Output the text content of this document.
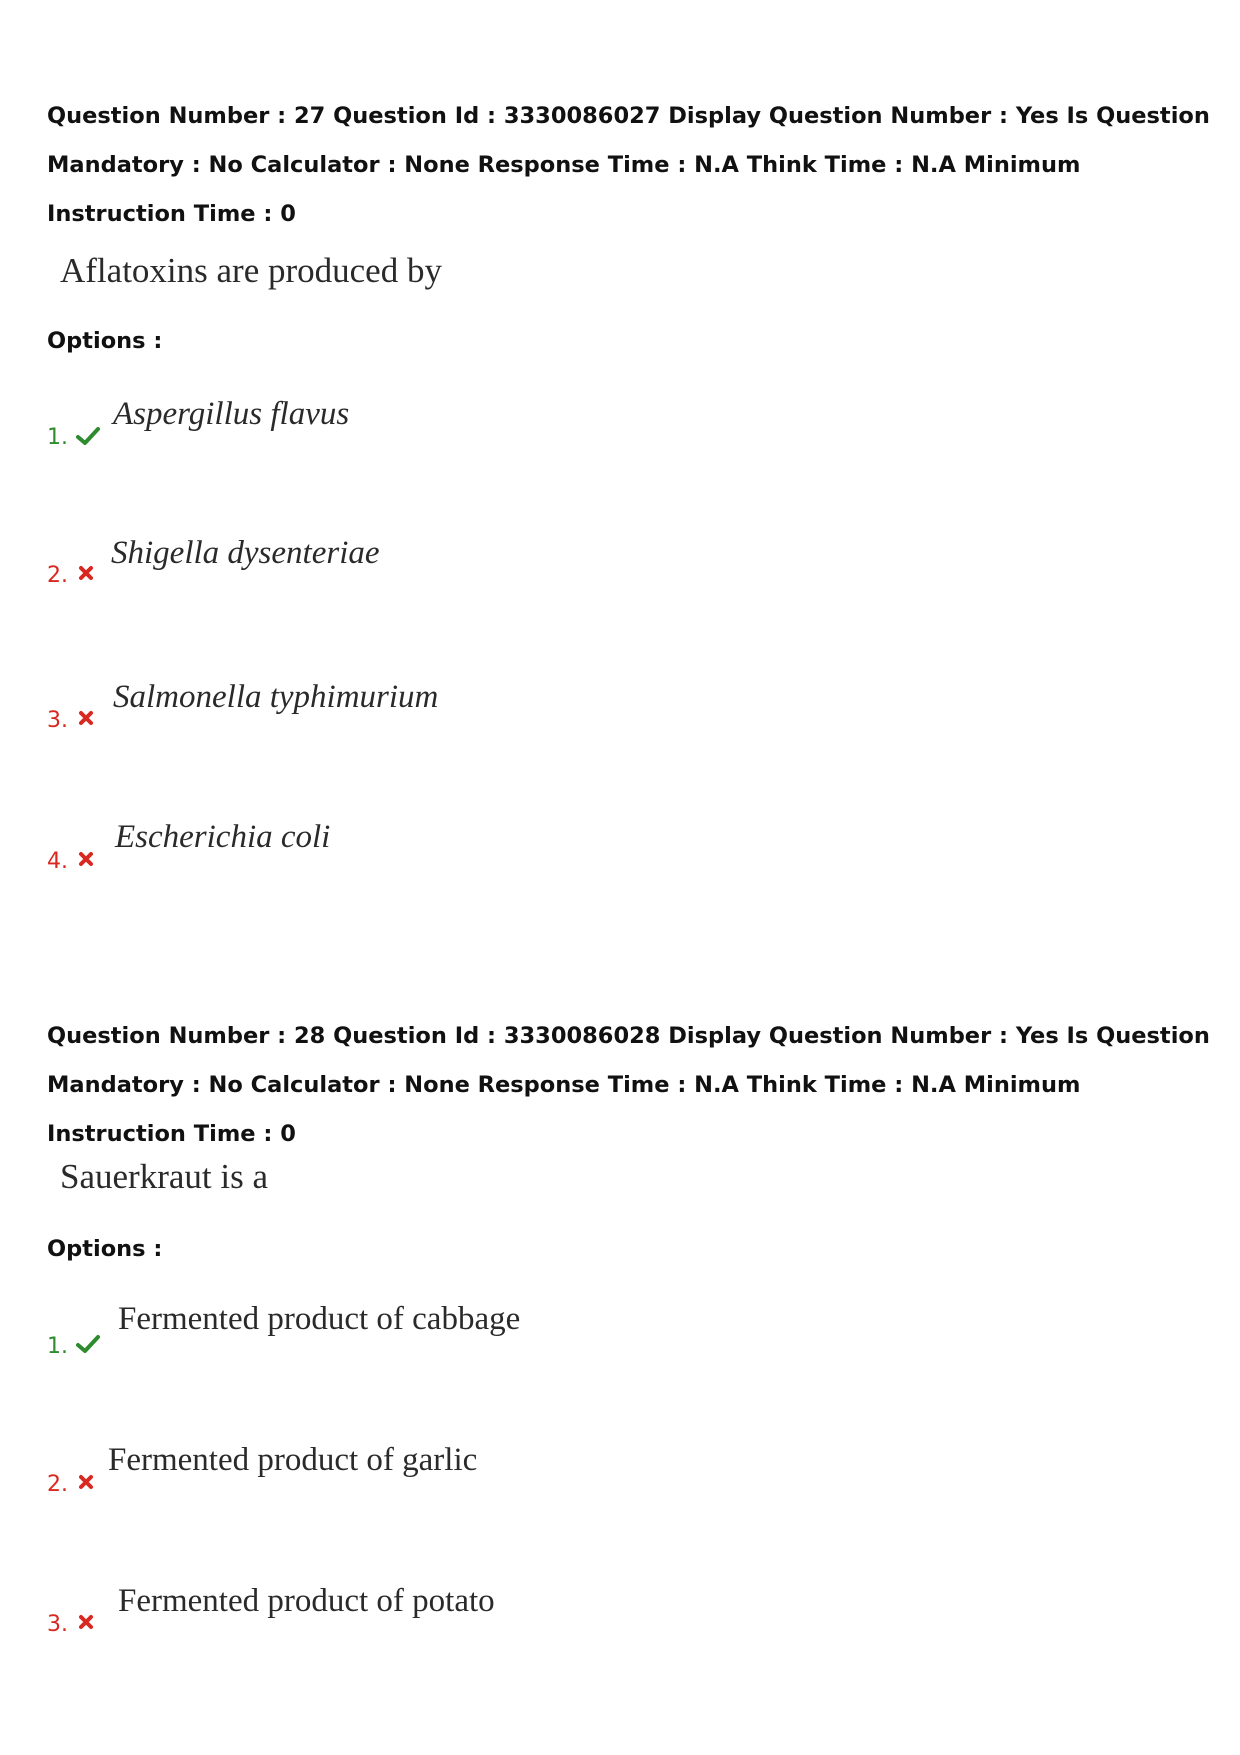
Question Number : 27 Question Id : 3330086027 Display Question Number : Yes Is Question Mandatory : No Calculator : None Response Time : N.A Think Time : N.A Minimum Instruction Time : 0

Aflatoxins are produced by

Options :
1.
Aspergillus flavus
2.
Shigella dysenteriae
3.
Salmonella typhimurium
4.
Escherichia coli

Question Number : 28 Question Id : 3330086028 Display Question Number : Yes Is Question Mandatory : No Calculator : None Response Time : N.A Think Time : N.A Minimum Instruction Time : 0

Sauerkraut is a

Options :
1.
Fermented product of cabbage
2.
Fermented product of garlic
3.
Fermented product of potato
